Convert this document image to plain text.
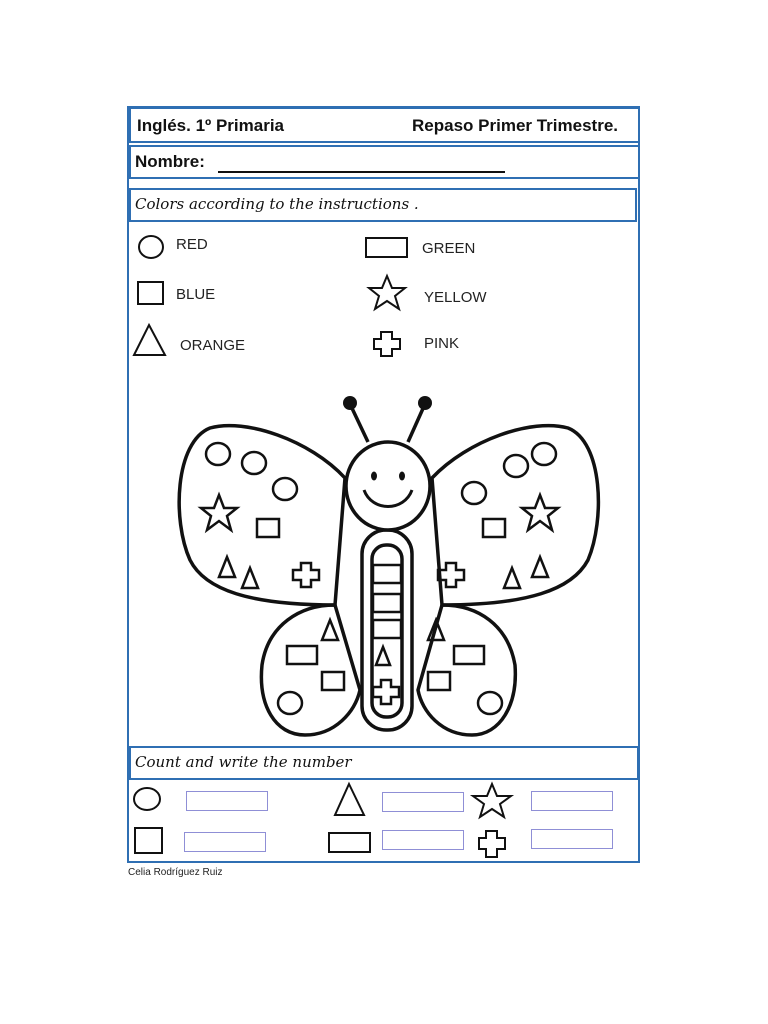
Inglés. 1º Primaria	Repaso Primer Trimestre.
Nombre:
Colors according to the instructions .
RED
BLUE
ORANGE
GREEN
YELLOW
PINK
Count and write the number
Celia Rodríguez Ruiz
